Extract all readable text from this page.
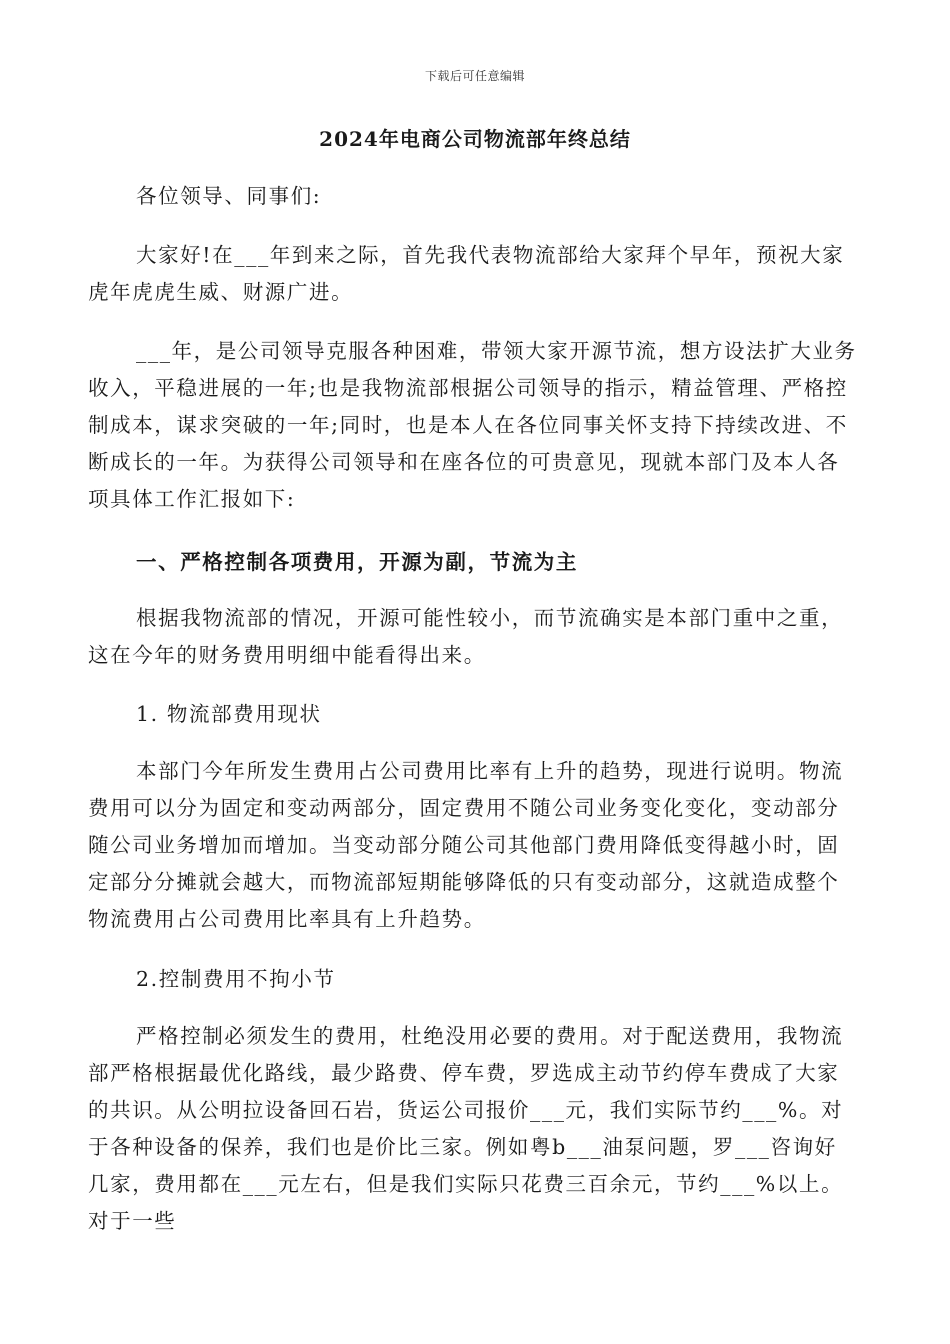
下载后可任意编辑
2024年电商公司物流部年终总结

各位领导、同事们:

大家好!在___年到来之际，首先我代表物流部给大家拜个早年，预祝大家虎年虎虎生威、财源广进。

___年，是公司领导克服各种困难，带领大家开源节流，想方设法扩大业务收入，平稳进展的一年;也是我物流部根据公司领导的指示，精益管理、严格控制成本，谋求突破的一年;同时，也是本人在各位同事关怀支持下持续改进、不断成长的一年。为获得公司领导和在座各位的可贵意见，现就本部门及本人各项具体工作汇报如下:

一、严格控制各项费用，开源为副，节流为主

根据我物流部的情况，开源可能性较小，而节流确实是本部门重中之重，这在今年的财务费用明细中能看得出来。

1. 物流部费用现状

本部门今年所发生费用占公司费用比率有上升的趋势，现进行说明。物流费用可以分为固定和变动两部分，固定费用不随公司业务变化变化，变动部分随公司业务增加而增加。当变动部分随公司其他部门费用降低变得越小时，固定部分分摊就会越大，而物流部短期能够降低的只有变动部分，这就造成整个物流费用占公司费用比率具有上升趋势。

2.控制费用不拘小节

严格控制必须发生的费用，杜绝没用必要的费用。对于配送费用，我物流部严格根据最优化路线，最少路费、停车费，罗选成主动节约停车费成了大家的共识。从公明拉设备回石岩，货运公司报价___元，我们实际节约___%。对于各种设备的保养，我们也是价比三家。例如粤b___油泵问题，罗___咨询好几家，费用都在___元左右，但是我们实际只花费三百余元，节约___%以上。对于一些
